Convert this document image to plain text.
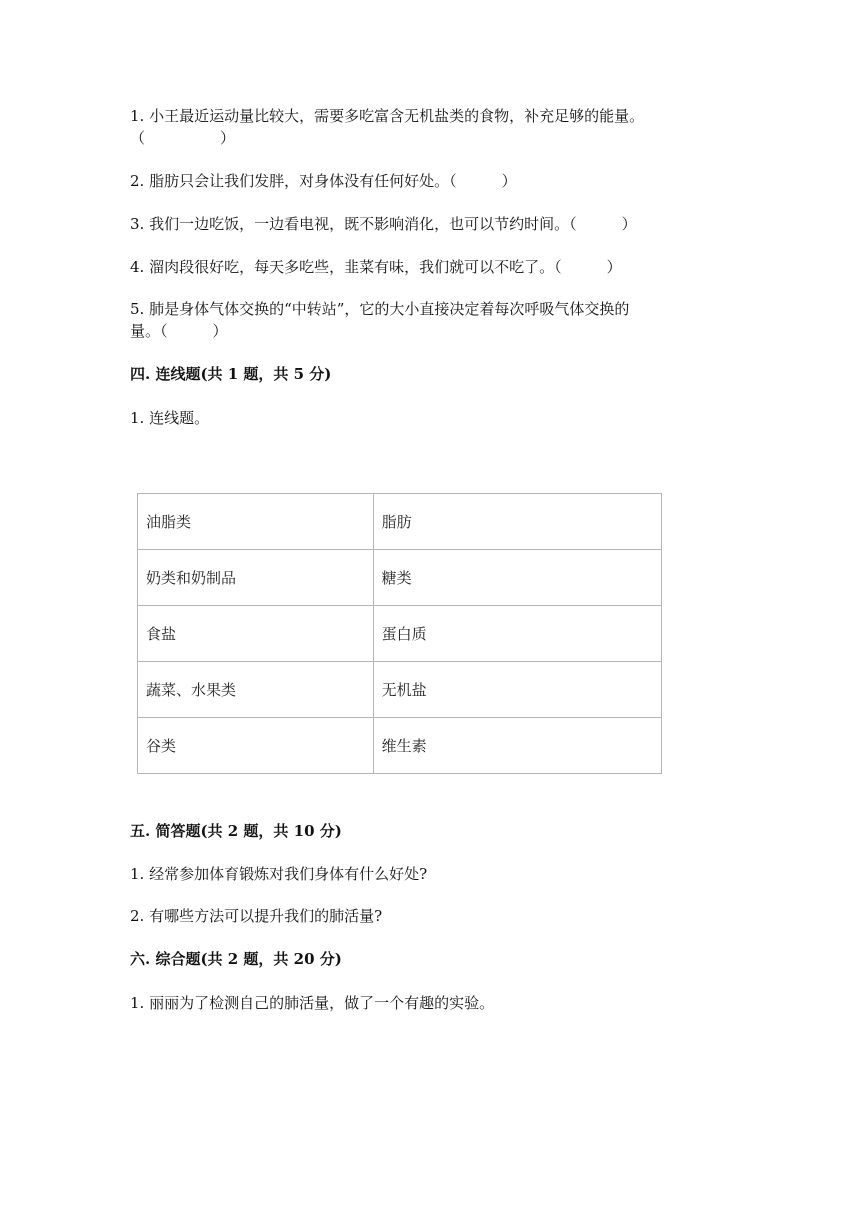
1. 小王最近运动量比较大，需要多吃富含无机盐类的食物，补充足够的能量。
（　　　　　）
2. 脂肪只会让我们发胖，对身体没有任何好处。（　　　）
3. 我们一边吃饭，一边看电视，既不影响消化，也可以节约时间。（　　　）
4. 溜肉段很好吃，每天多吃些，韭菜有味，我们就可以不吃了。（　　　）
5. 肺是身体气体交换的“中转站”，它的大小直接决定着每次呼吸气体交换的
量。（　　　）
四. 连线题(共 1 题，共 5 分)
1. 连线题。
油脂类	脂肪
奶类和奶制品	糖类
食盐	蛋白质
蔬菜、水果类	无机盐
谷类	维生素
五. 简答题(共 2 题，共 10 分)
1. 经常参加体育锻炼对我们身体有什么好处?
2. 有哪些方法可以提升我们的肺活量?
六. 综合题(共 2 题，共 20 分)
1. 丽丽为了检测自己的肺活量，做了一个有趣的实验。
